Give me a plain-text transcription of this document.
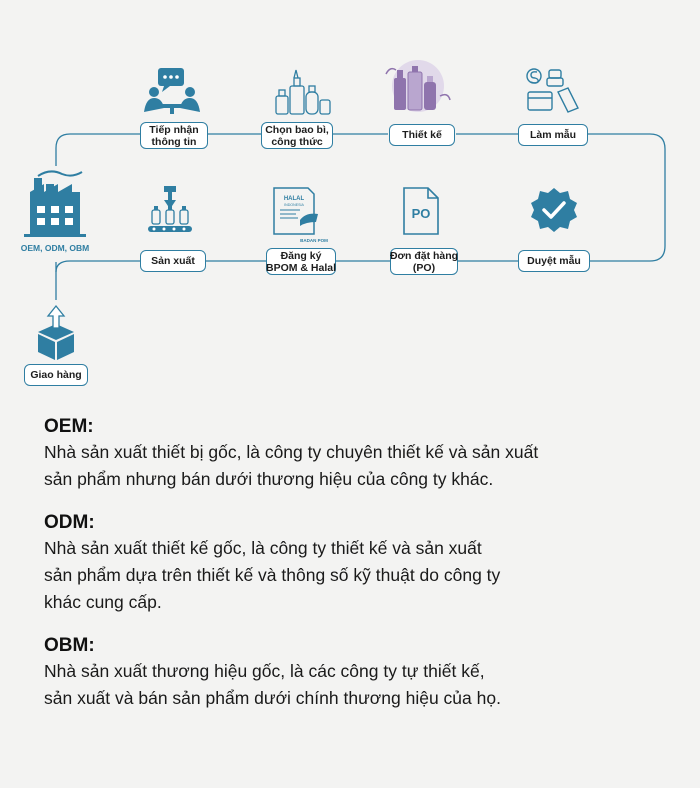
PO
HALAL
INDONESIA
BADAN POM
Tiếp nhận
thông tin
Chọn bao bì,
công thức
Thiết kế	Làm mẫu
Duyệt mẫu
Đơn đặt hàng
(PO)
Đăng ký
BPOM & Halal
Sản xuất
Giao hàng
OEM, ODM, OBM
OEM:
Nhà sản xuất thiết bị gốc, là công ty chuyên thiết kế và sản xuất
sản phẩm nhưng bán dưới thương hiệu của công ty khác.
ODM:
Nhà sản xuất thiết kế gốc, là công ty thiết kế và sản xuất
sản phẩm dựa trên thiết kế và thông số kỹ thuật do công ty
khác cung cấp.
OBM:
Nhà sản xuất thương hiệu gốc, là các công ty tự thiết kế,
sản xuất và bán sản phẩm dưới chính thương hiệu của họ.
